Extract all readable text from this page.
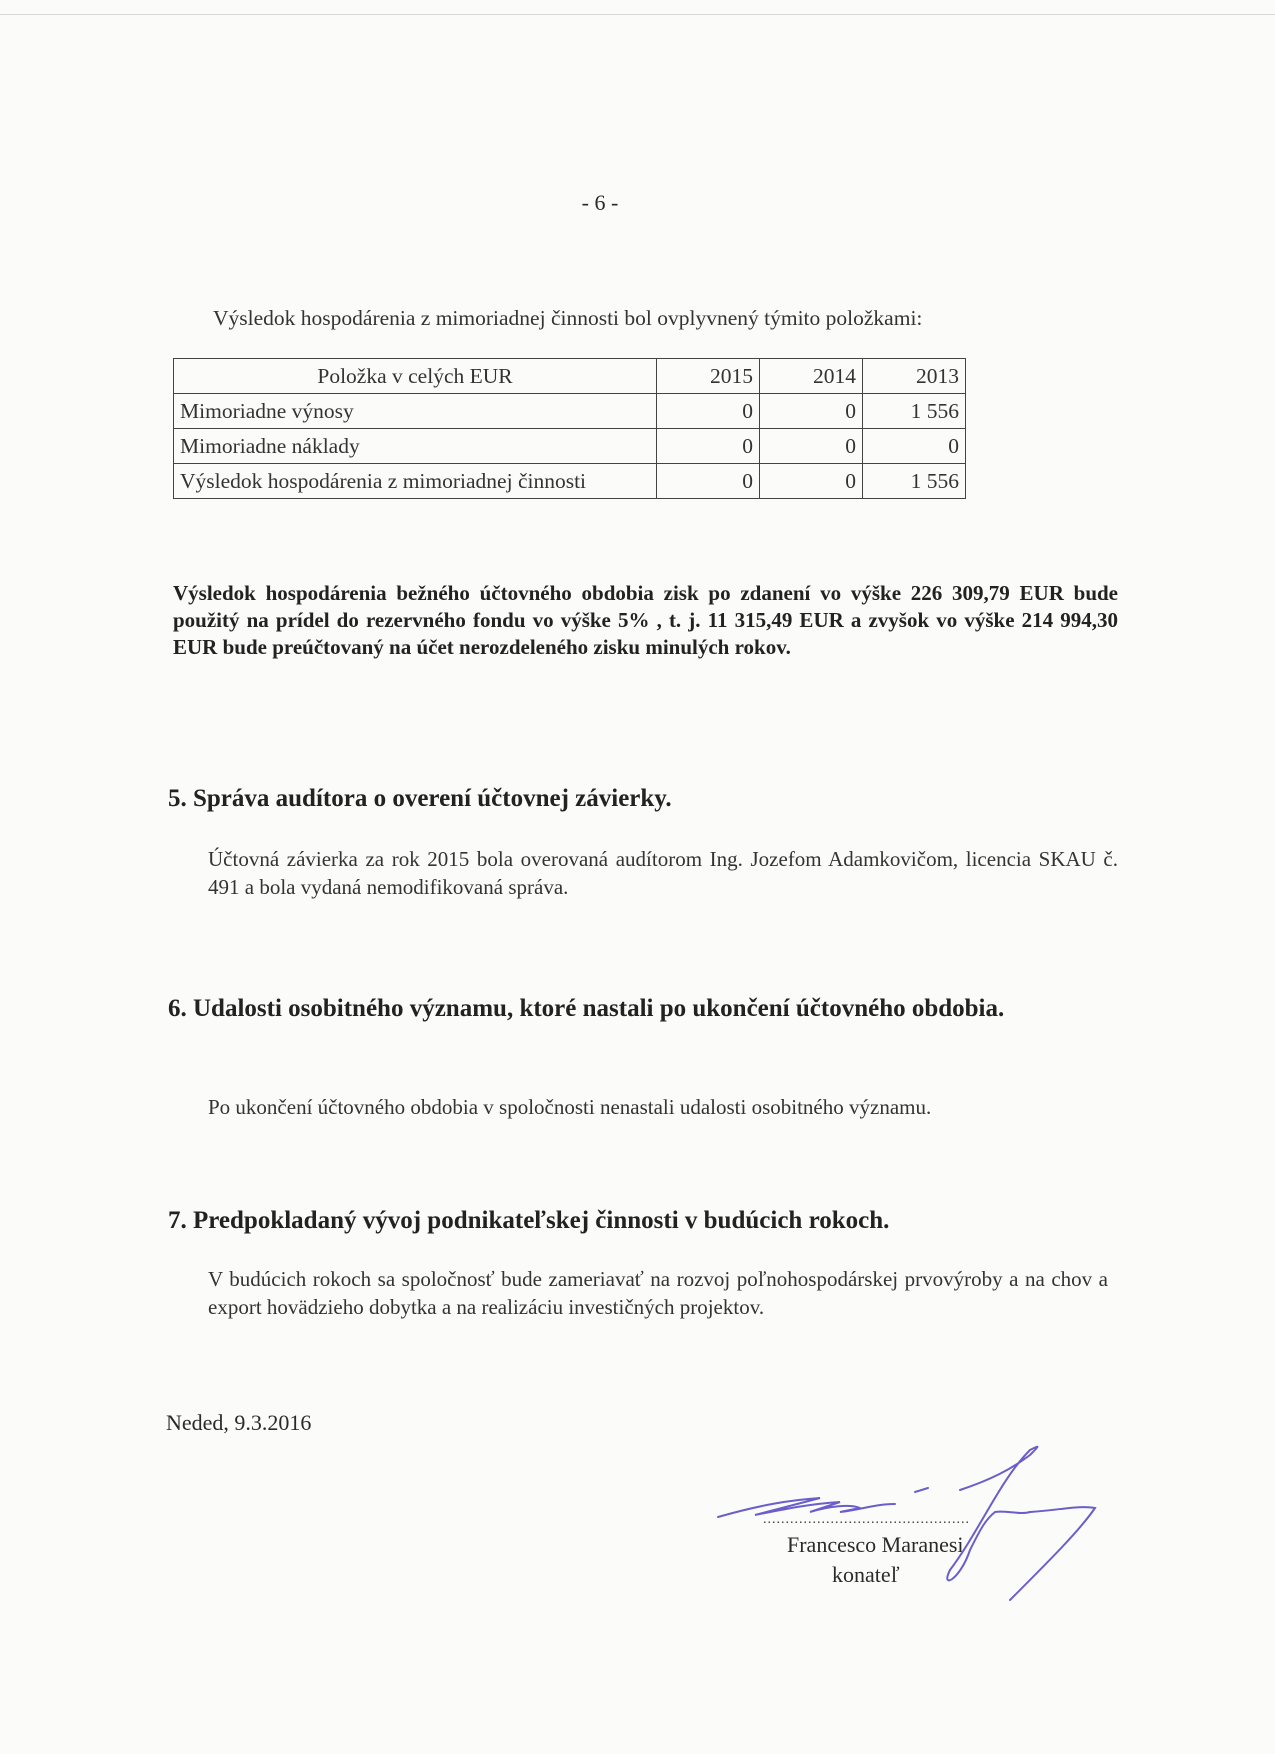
- 6 -
Výsledok hospodárenia z mimoriadnej činnosti bol ovplyvnený týmito položkami:
Položka v celých EUR	2015	2014	2013
Mimoriadne výnosy	0	0	1 556
Mimoriadne náklady	0	0	0
Výsledok hospodárenia z mimoriadnej činnosti	0	0	1 556
Výsledok hospodárenia bežného účtovného obdobia zisk po zdanení vo výške 226 309,79 EUR bude použitý na prídel do rezervného fondu vo výške 5% , t. j. 11 315,49 EUR a zvyšok vo výške 214 994,30 EUR bude preúčtovaný na účet nerozdeleného zisku minulých rokov.
5. Správa audítora o overení účtovnej závierky.
Účtovná závierka za rok 2015 bola overovaná audítorom Ing. Jozefom Adamkovičom, licencia SKAU č. 491 a bola vydaná nemodifikovaná správa.
6. Udalosti osobitného významu, ktoré nastali po ukončení účtovného obdobia.
Po ukončení účtovného obdobia v spoločnosti nenastali udalosti osobitného významu.
7. Predpokladaný vývoj podnikateľskej činnosti v budúcich rokoch.
V budúcich rokoch sa spoločnosť bude zameriavať na rozvoj poľnohospodárskej prvovýroby a na chov a export hovädzieho dobytka a na realizáciu investičných projektov.
Neded, 9.3.2016
..............................................
Francesco Maranesi
konateľ
